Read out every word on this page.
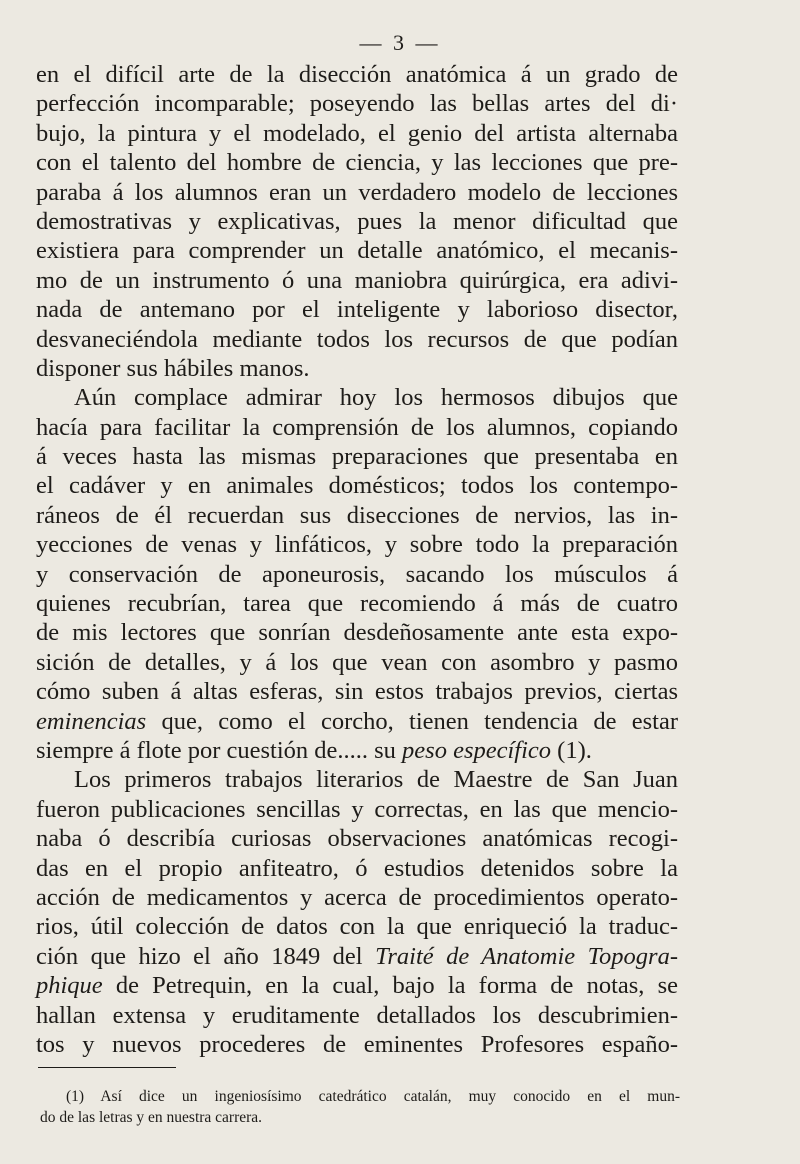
— 3 —
en el difícil arte de la disección anatómica á un grado de
perfección incomparable; poseyendo las bellas artes del di·
bujo, la pintura y el modelado, el genio del artista alternaba
con el talento del hombre de ciencia, y las lecciones que pre-
paraba á los alumnos eran un verdadero modelo de lecciones
demostrativas y explicativas, pues la menor dificultad que
existiera para comprender un detalle anatómico, el mecanis-
mo de un instrumento ó una maniobra quirúrgica, era adivi-
nada de antemano por el inteligente y laborioso disector,
desvaneciéndola mediante todos los recursos de que podían
disponer sus hábiles manos.
Aún complace admirar hoy los hermosos dibujos que
hacía para facilitar la comprensión de los alumnos, copiando
á veces hasta las mismas preparaciones que presentaba en
el cadáver y en animales domésticos; todos los contempo-
ráneos de él recuerdan sus disecciones de nervios, las in-
yecciones de venas y linfáticos, y sobre todo la preparación
y conservación de aponeurosis, sacando los músculos á
quienes recubrían, tarea que recomiendo á más de cuatro
de mis lectores que sonrían desdeñosamente ante esta expo-
sición de detalles, y á los que vean con asombro y pasmo
cómo suben á altas esferas, sin estos trabajos previos, ciertas
eminencias que, como el corcho, tienen tendencia de estar
siempre á flote por cuestión de..... su peso específico (1).
Los primeros trabajos literarios de Maestre de San Juan
fueron publicaciones sencillas y correctas, en las que mencio-
naba ó describía curiosas observaciones anatómicas recogi-
das en el propio anfiteatro, ó estudios detenidos sobre la
acción de medicamentos y acerca de procedimientos operato-
rios, útil colección de datos con la que enriqueció la traduc-
ción que hizo el año 1849 del Traité de Anatomie Topogra-
phique de Petrequin, en la cual, bajo la forma de notas, se
hallan extensa y eruditamente detallados los descubrimien-
tos y nuevos procederes de eminentes Profesores españo-
(1) Así dice un ingeniosísimo catedrático catalán, muy conocido en el mun-
do de las letras y en nuestra carrera.
